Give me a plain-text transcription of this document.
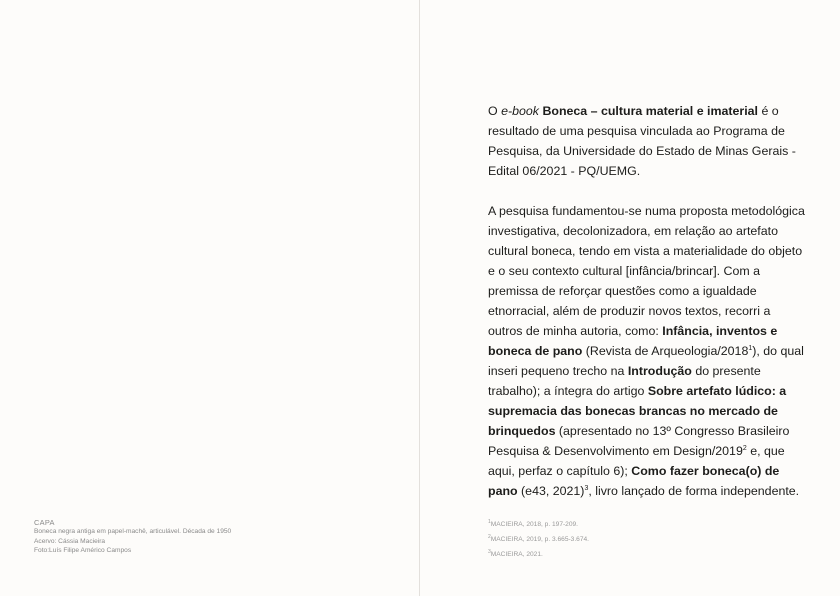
CAPA
Boneca negra antiga em papel-machê, articulável. Década de 1950
Acervo: Cássia Macieira
Foto:Luís Filipe Américo Campos

O e-book Boneca – cultura material e imaterial é o resultado de uma pesquisa vinculada ao Programa de Pesquisa, da Universidade do Estado de Minas Gerais - Edital 06/2021 - PQ/UEMG.

A pesquisa fundamentou-se numa proposta metodológica investigativa, decolonizadora, em relação ao artefato cultural boneca, tendo em vista a materialidade do objeto e o seu contexto cultural [infância/brincar]. Com a premissa de reforçar questões como a igualdade etnorracial, além de produzir novos textos, recorri a outros de minha autoria, como: Infância, inventos e boneca de pano (Revista de Arqueologia/2018$^1$), do qual inseri pequeno trecho na Introdução do presente trabalho); a íntegra do artigo Sobre artefato lúdico: a supremacia das bonecas brancas no mercado de brinquedos (apresentado no 13º Congresso Brasileiro Pesquisa & Desenvolvimento em Design/2019$^2$ e, que aqui, perfaz o capítulo 6); Como fazer boneca(o) de pano (e43, 2021)$^3$, livro lançado de forma independente.

$^1$MACIEIRA, 2018, p. 197-209.
$^2$MACIEIRA, 2019, p. 3.665-3.674.
$^3$MACIEIRA, 2021.
